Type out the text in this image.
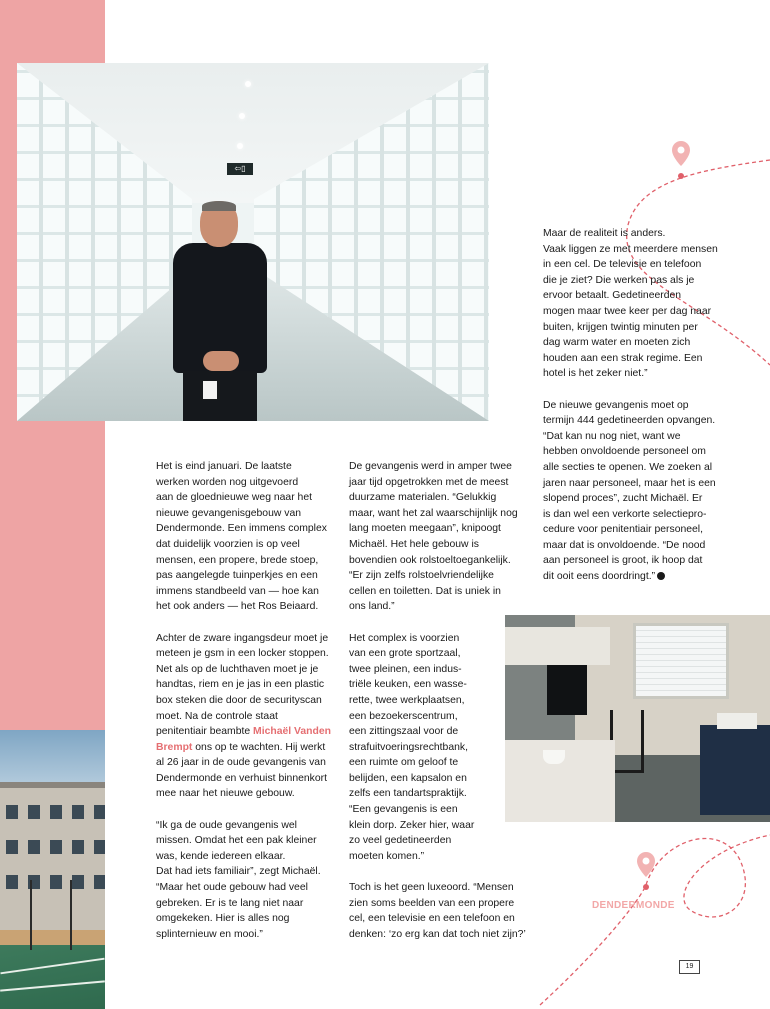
⇦▯

Het is eind januari. De laatste
werken worden nog uitgevoerd
aan de gloednieuwe weg naar het
nieuwe gevangenisgebouw van
Dendermonde. Een immens complex
dat duidelijk voorzien is op veel
mensen, een propere, brede stoep,
pas aangelegde tuinperkjes en een
immens standbeeld van — hoe kan
het ook anders — het Ros Beiaard.

Achter de zware ingangsdeur moet je
meteen je gsm in een locker stoppen.
Net als op de luchthaven moet je je
handtas, riem en je jas in een plastic
box steken die door de securityscan
moet. Na de controle staat
penitentiair beambte Michaël Vanden
Brempt ons op te wachten. Hij werkt
al 26 jaar in de oude gevangenis van
Dendermonde en verhuist binnenkort
mee naar het nieuwe gebouw.

“Ik ga de oude gevangenis wel
missen. Omdat het een pak kleiner
was, kende iedereen elkaar.
Dat had iets familiair”, zegt Michaël.
“Maar het oude gebouw had veel
gebreken. Er is te lang niet naar
omgekeken. Hier is alles nog
splinternieuw en mooi.”

De gevangenis werd in amper twee
jaar tijd opgetrokken met de meest
duurzame materialen. “Gelukkig
maar, want het zal waarschijnlijk nog
lang moeten meegaan”, knipoogt
Michaël. Het hele gebouw is
bovendien ook rolstoeltoegankelijk.
“Er zijn zelfs rolstoelvriendelijke
cellen en toiletten. Dat is uniek in
ons land.”

Het complex is voorzien
van een grote sportzaal,
twee pleinen, een indus-
triële keuken, een wasse-
rette, twee werkplaatsen,
een bezoekerscentrum,
een zittingszaal voor de
strafuitvoeringsrechtbank,
een ruimte om geloof te
belijden, een kapsalon en
zelfs een tandartspraktijk.
“Een gevangenis is een
klein dorp. Zeker hier, waar
zo veel gedetineerden
moeten komen.”

Toch is het geen luxeoord. “Mensen
zien soms beelden van een propere
cel, een televisie en een telefoon en
denken: ‘zo erg kan dat toch niet zijn?’

Maar de realiteit is anders.
Vaak liggen ze met meerdere mensen
in een cel. De televisie en telefoon
die je ziet? Die werken pas als je
ervoor betaalt. Gedetineerden
mogen maar twee keer per dag naar
buiten, krijgen twintig minuten per
dag warm water en moeten zich
houden aan een strak regime. Een
hotel is het zeker niet.”

De nieuwe gevangenis moet op
termijn 444 gedetineerden opvangen.
“Dat kan nu nog niet, want we
hebben onvoldoende personeel om
alle secties te openen. We zoeken al
jaren naar personeel, maar het is een
slopend proces”, zucht Michaël. Er
is dan wel een verkorte selectiepro-
cedure voor penitentiair personeel,
maar dat is onvoldoende. “De nood
aan personeel is groot, ik hoop dat
dit ooit eens doordringt.”

DENDERMONDE
19
